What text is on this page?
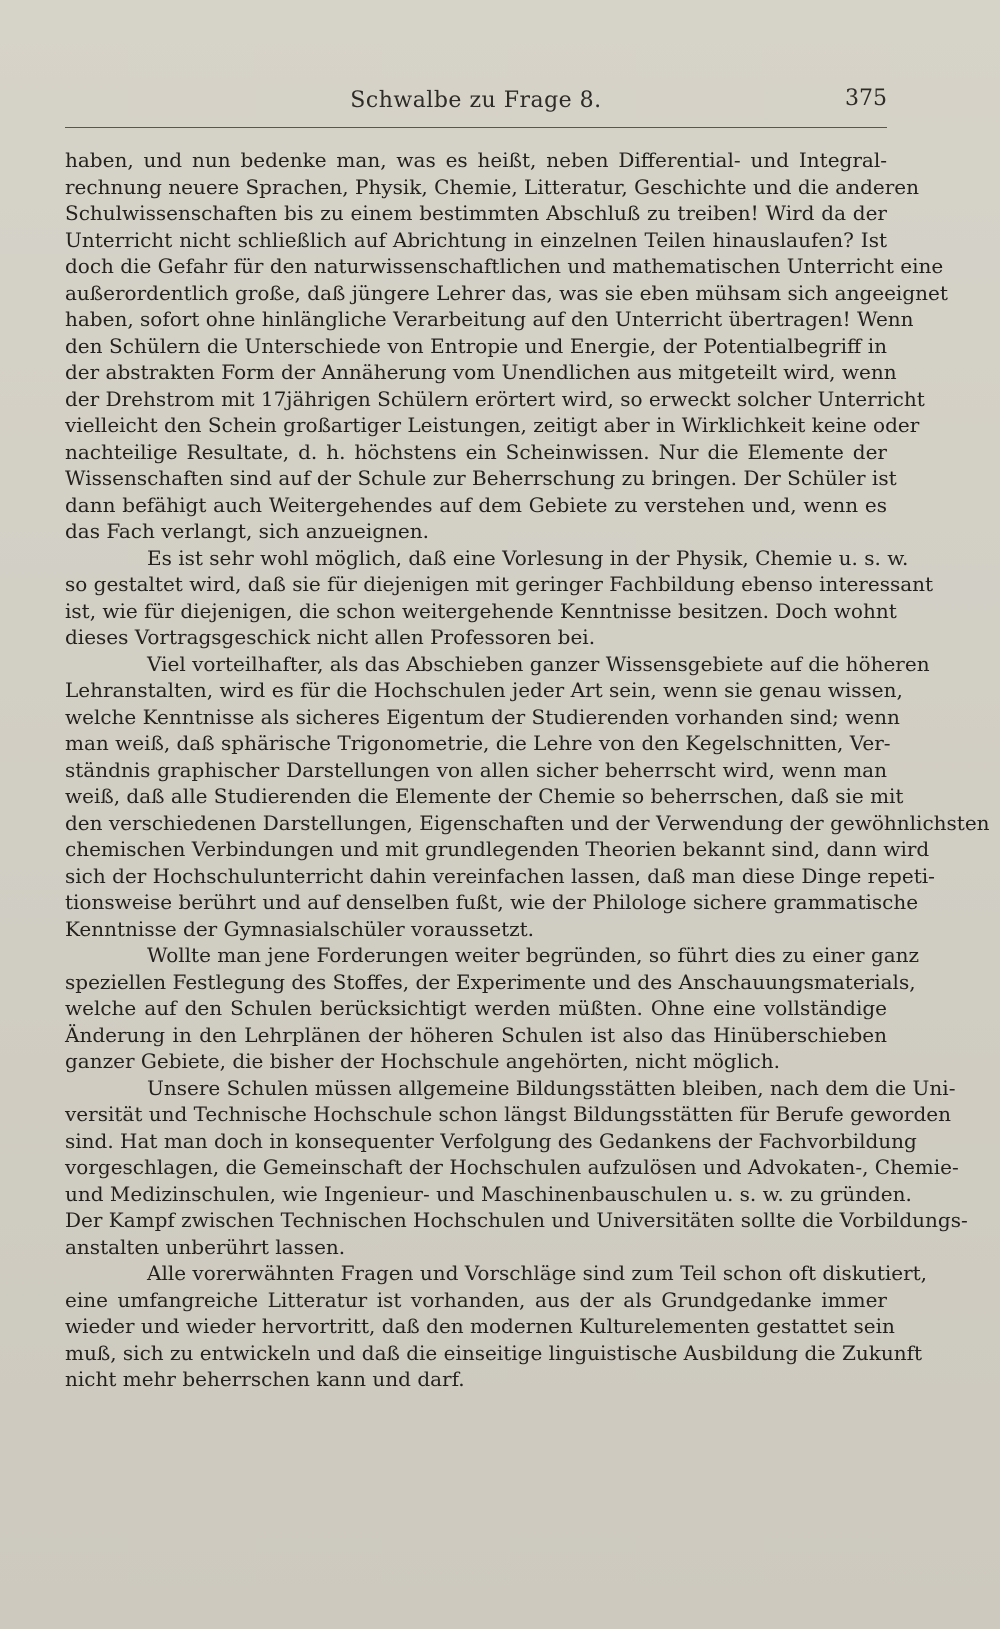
Schwalbe zu Frage 8.	375
haben, und nun bedenke man, was es heißt, neben Differential- und Integral-
rechnung neuere Sprachen, Physik, Chemie, Litteratur, Geschichte und die anderen
Schulwissenschaften bis zu einem bestimmten Abschluß zu treiben! Wird da der
Unterricht nicht schließlich auf Abrichtung in einzelnen Teilen hinauslaufen? Ist
doch die Gefahr für den naturwissenschaftlichen und mathematischen Unterricht eine
außerordentlich große, daß jüngere Lehrer das, was sie eben mühsam sich angeeignet
haben, sofort ohne hinlängliche Verarbeitung auf den Unterricht übertragen! Wenn
den Schülern die Unterschiede von Entropie und Energie, der Potentialbegriff in
der abstrakten Form der Annäherung vom Unendlichen aus mitgeteilt wird, wenn
der Drehstrom mit 17jährigen Schülern erörtert wird, so erweckt solcher Unterricht
vielleicht den Schein großartiger Leistungen, zeitigt aber in Wirklichkeit keine oder
nachteilige Resultate, d. h. höchstens ein Scheinwissen. Nur die Elemente der
Wissenschaften sind auf der Schule zur Beherrschung zu bringen. Der Schüler ist
dann befähigt auch Weitergehendes auf dem Gebiete zu verstehen und, wenn es
das Fach verlangt, sich anzueignen.
Es ist sehr wohl möglich, daß eine Vorlesung in der Physik, Chemie u. s. w.
so gestaltet wird, daß sie für diejenigen mit geringer Fachbildung ebenso interessant
ist, wie für diejenigen, die schon weitergehende Kenntnisse besitzen. Doch wohnt
dieses Vortragsgeschick nicht allen Professoren bei.
Viel vorteilhafter, als das Abschieben ganzer Wissensgebiete auf die höheren
Lehranstalten, wird es für die Hochschulen jeder Art sein, wenn sie genau wissen,
welche Kenntnisse als sicheres Eigentum der Studierenden vorhanden sind; wenn
man weiß, daß sphärische Trigonometrie, die Lehre von den Kegelschnitten, Ver-
ständnis graphischer Darstellungen von allen sicher beherrscht wird, wenn man
weiß, daß alle Studierenden die Elemente der Chemie so beherrschen, daß sie mit
den verschiedenen Darstellungen, Eigenschaften und der Verwendung der gewöhnlichsten
chemischen Verbindungen und mit grundlegenden Theorien bekannt sind, dann wird
sich der Hochschulunterricht dahin vereinfachen lassen, daß man diese Dinge repeti-
tionsweise berührt und auf denselben fußt, wie der Philologe sichere grammatische
Kenntnisse der Gymnasialschüler voraussetzt.
Wollte man jene Forderungen weiter begründen, so führt dies zu einer ganz
speziellen Festlegung des Stoffes, der Experimente und des Anschauungsmaterials,
welche auf den Schulen berücksichtigt werden müßten. Ohne eine vollständige
Änderung in den Lehrplänen der höheren Schulen ist also das Hinüberschieben
ganzer Gebiete, die bisher der Hochschule angehörten, nicht möglich.
Unsere Schulen müssen allgemeine Bildungsstätten bleiben, nach dem die Uni-
versität und Technische Hochschule schon längst Bildungsstätten für Berufe geworden
sind. Hat man doch in konsequenter Verfolgung des Gedankens der Fachvorbildung
vorgeschlagen, die Gemeinschaft der Hochschulen aufzulösen und Advokaten-, Chemie-
und Medizinschulen, wie Ingenieur- und Maschinenbauschulen u. s. w. zu gründen.
Der Kampf zwischen Technischen Hochschulen und Universitäten sollte die Vorbildungs-
anstalten unberührt lassen.
Alle vorerwähnten Fragen und Vorschläge sind zum Teil schon oft diskutiert,
eine umfangreiche Litteratur ist vorhanden, aus der als Grundgedanke immer
wieder und wieder hervortritt, daß den modernen Kulturelementen gestattet sein
muß, sich zu entwickeln und daß die einseitige linguistische Ausbildung die Zukunft
nicht mehr beherrschen kann und darf.
